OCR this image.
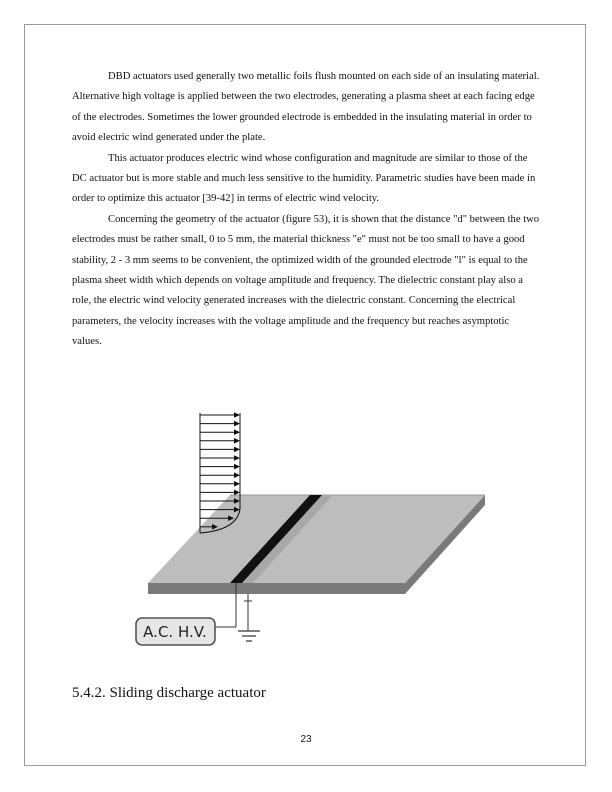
DBD actuators used generally two metallic foils flush mounted on each side of an insulating material. Alternative high voltage is applied between the two electrodes, generating a plasma sheet at each facing edge of the electrodes. Sometimes the lower grounded electrode is embedded in the insulating material in order to avoid electric wind generated under the plate.

This actuator produces electric wind whose configuration and magnitude are similar to those of the DC actuator but is more stable and much less sensitive to the humidity. Parametric studies have been made in order to optimize this actuator [39-42] in terms of electric wind velocity.

Concerning the geometry of the actuator (figure 53), it is shown that the distance "d" between the two electrodes must be rather small, 0 to 5 mm, the material thickness "e" must not be too small to have a good stability, 2 - 3 mm seems to be convenient, the optimized width of the grounded electrode "l" is equal to the plasma sheet width which depends on voltage amplitude and frequency. The dielectric constant play also a role, the electric wind velocity generated increases with the dielectric constant. Concerning the electrical parameters, the velocity increases with the voltage amplitude and the frequency but reaches asymptotic values.

A.C. H.V.
5.4.2. Sliding discharge actuator
23
